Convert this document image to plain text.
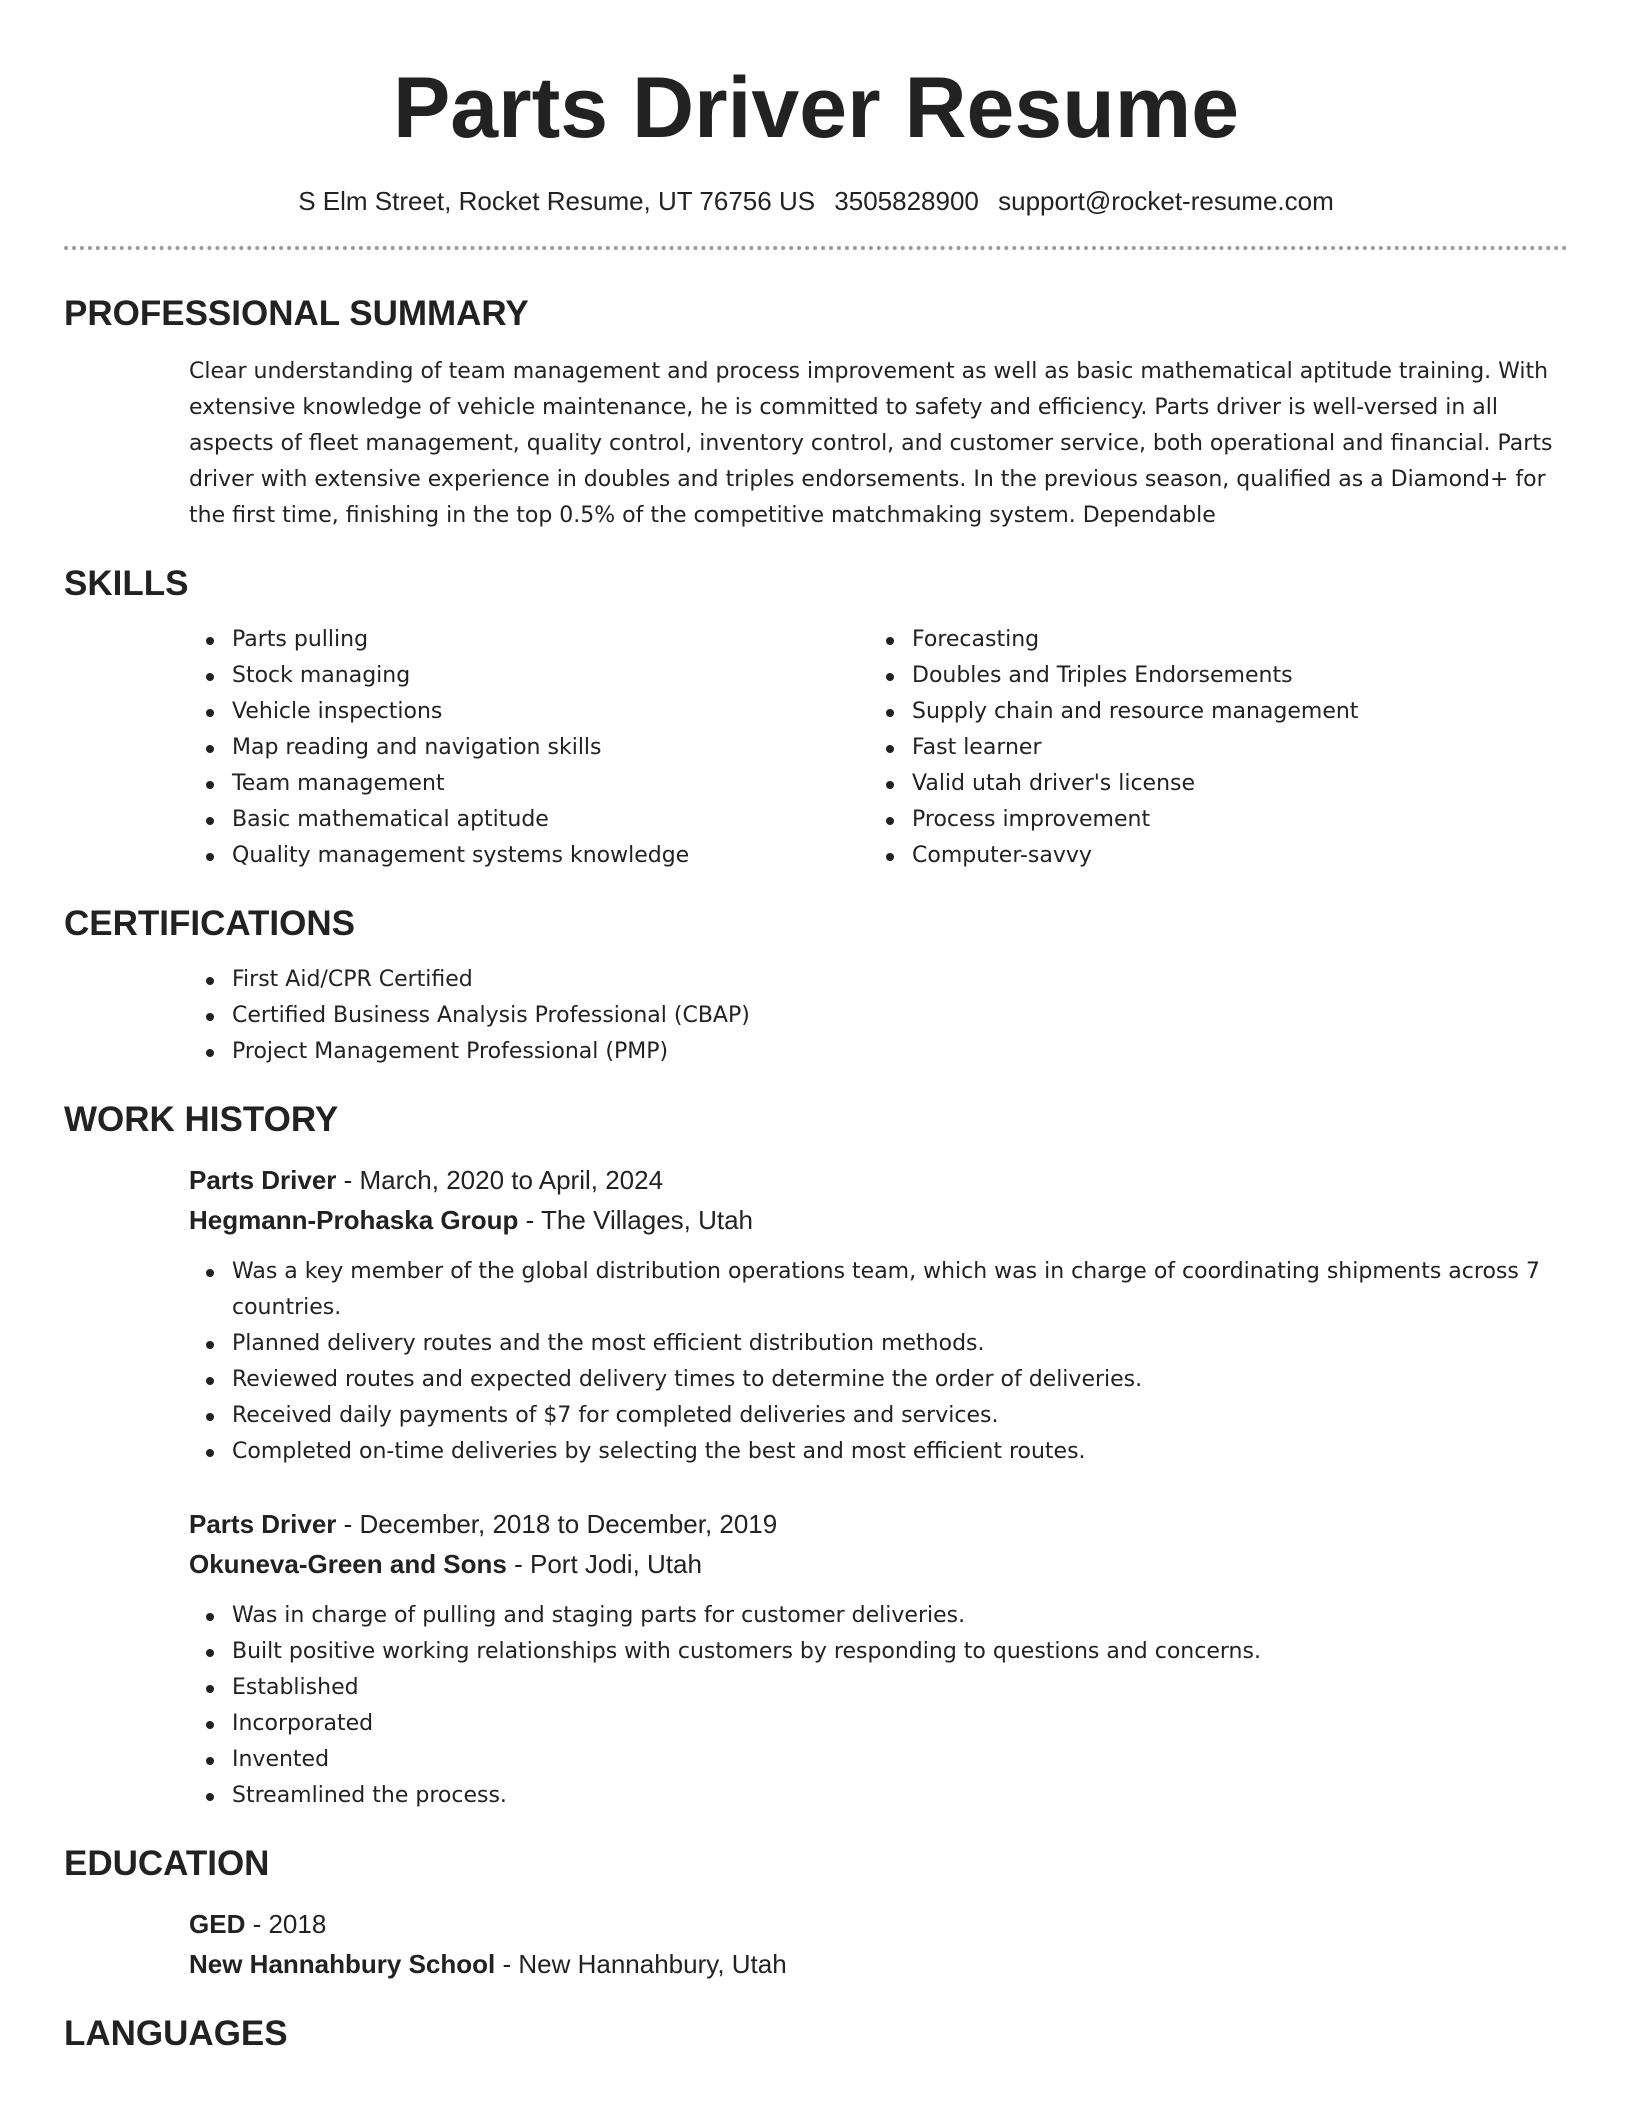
Parts Driver Resume
S Elm Street, Rocket Resume, UT 76756 US 3505828900 support@rocket-resume.com
PROFESSIONAL SUMMARY
Clear understanding of team management and process improvement as well as basic mathematical aptitude training. With extensive knowledge of vehicle maintenance, he is committed to safety and efficiency. Parts driver is well-versed in all aspects of fleet management, quality control, inventory control, and customer service, both operational and financial. Parts driver with extensive experience in doubles and triples endorsements. In the previous season, qualified as a Diamond+ for the first time, finishing in the top 0.5% of the competitive matchmaking system. Dependable
SKILLS
Parts pulling
Stock managing
Vehicle inspections
Map reading and navigation skills
Team management
Basic mathematical aptitude
Quality management systems knowledge
Forecasting
Doubles and Triples Endorsements
Supply chain and resource management
Fast learner
Valid utah driver's license
Process improvement
Computer-savvy
CERTIFICATIONS
First Aid/CPR Certified
Certified Business Analysis Professional (CBAP)
Project Management Professional (PMP)
WORK HISTORY
Parts Driver - March, 2020 to April, 2024
Hegmann-Prohaska Group - The Villages, Utah
Was a key member of the global distribution operations team, which was in charge of coordinating shipments across 7 countries.
Planned delivery routes and the most efficient distribution methods.
Reviewed routes and expected delivery times to determine the order of deliveries.
Received daily payments of $7 for completed deliveries and services.
Completed on-time deliveries by selecting the best and most efficient routes.
Parts Driver - December, 2018 to December, 2019
Okuneva-Green and Sons - Port Jodi, Utah
Was in charge of pulling and staging parts for customer deliveries.
Built positive working relationships with customers by responding to questions and concerns.
Established
Incorporated
Invented
Streamlined the process.
EDUCATION
GED - 2018
New Hannahbury School - New Hannahbury, Utah
LANGUAGES
